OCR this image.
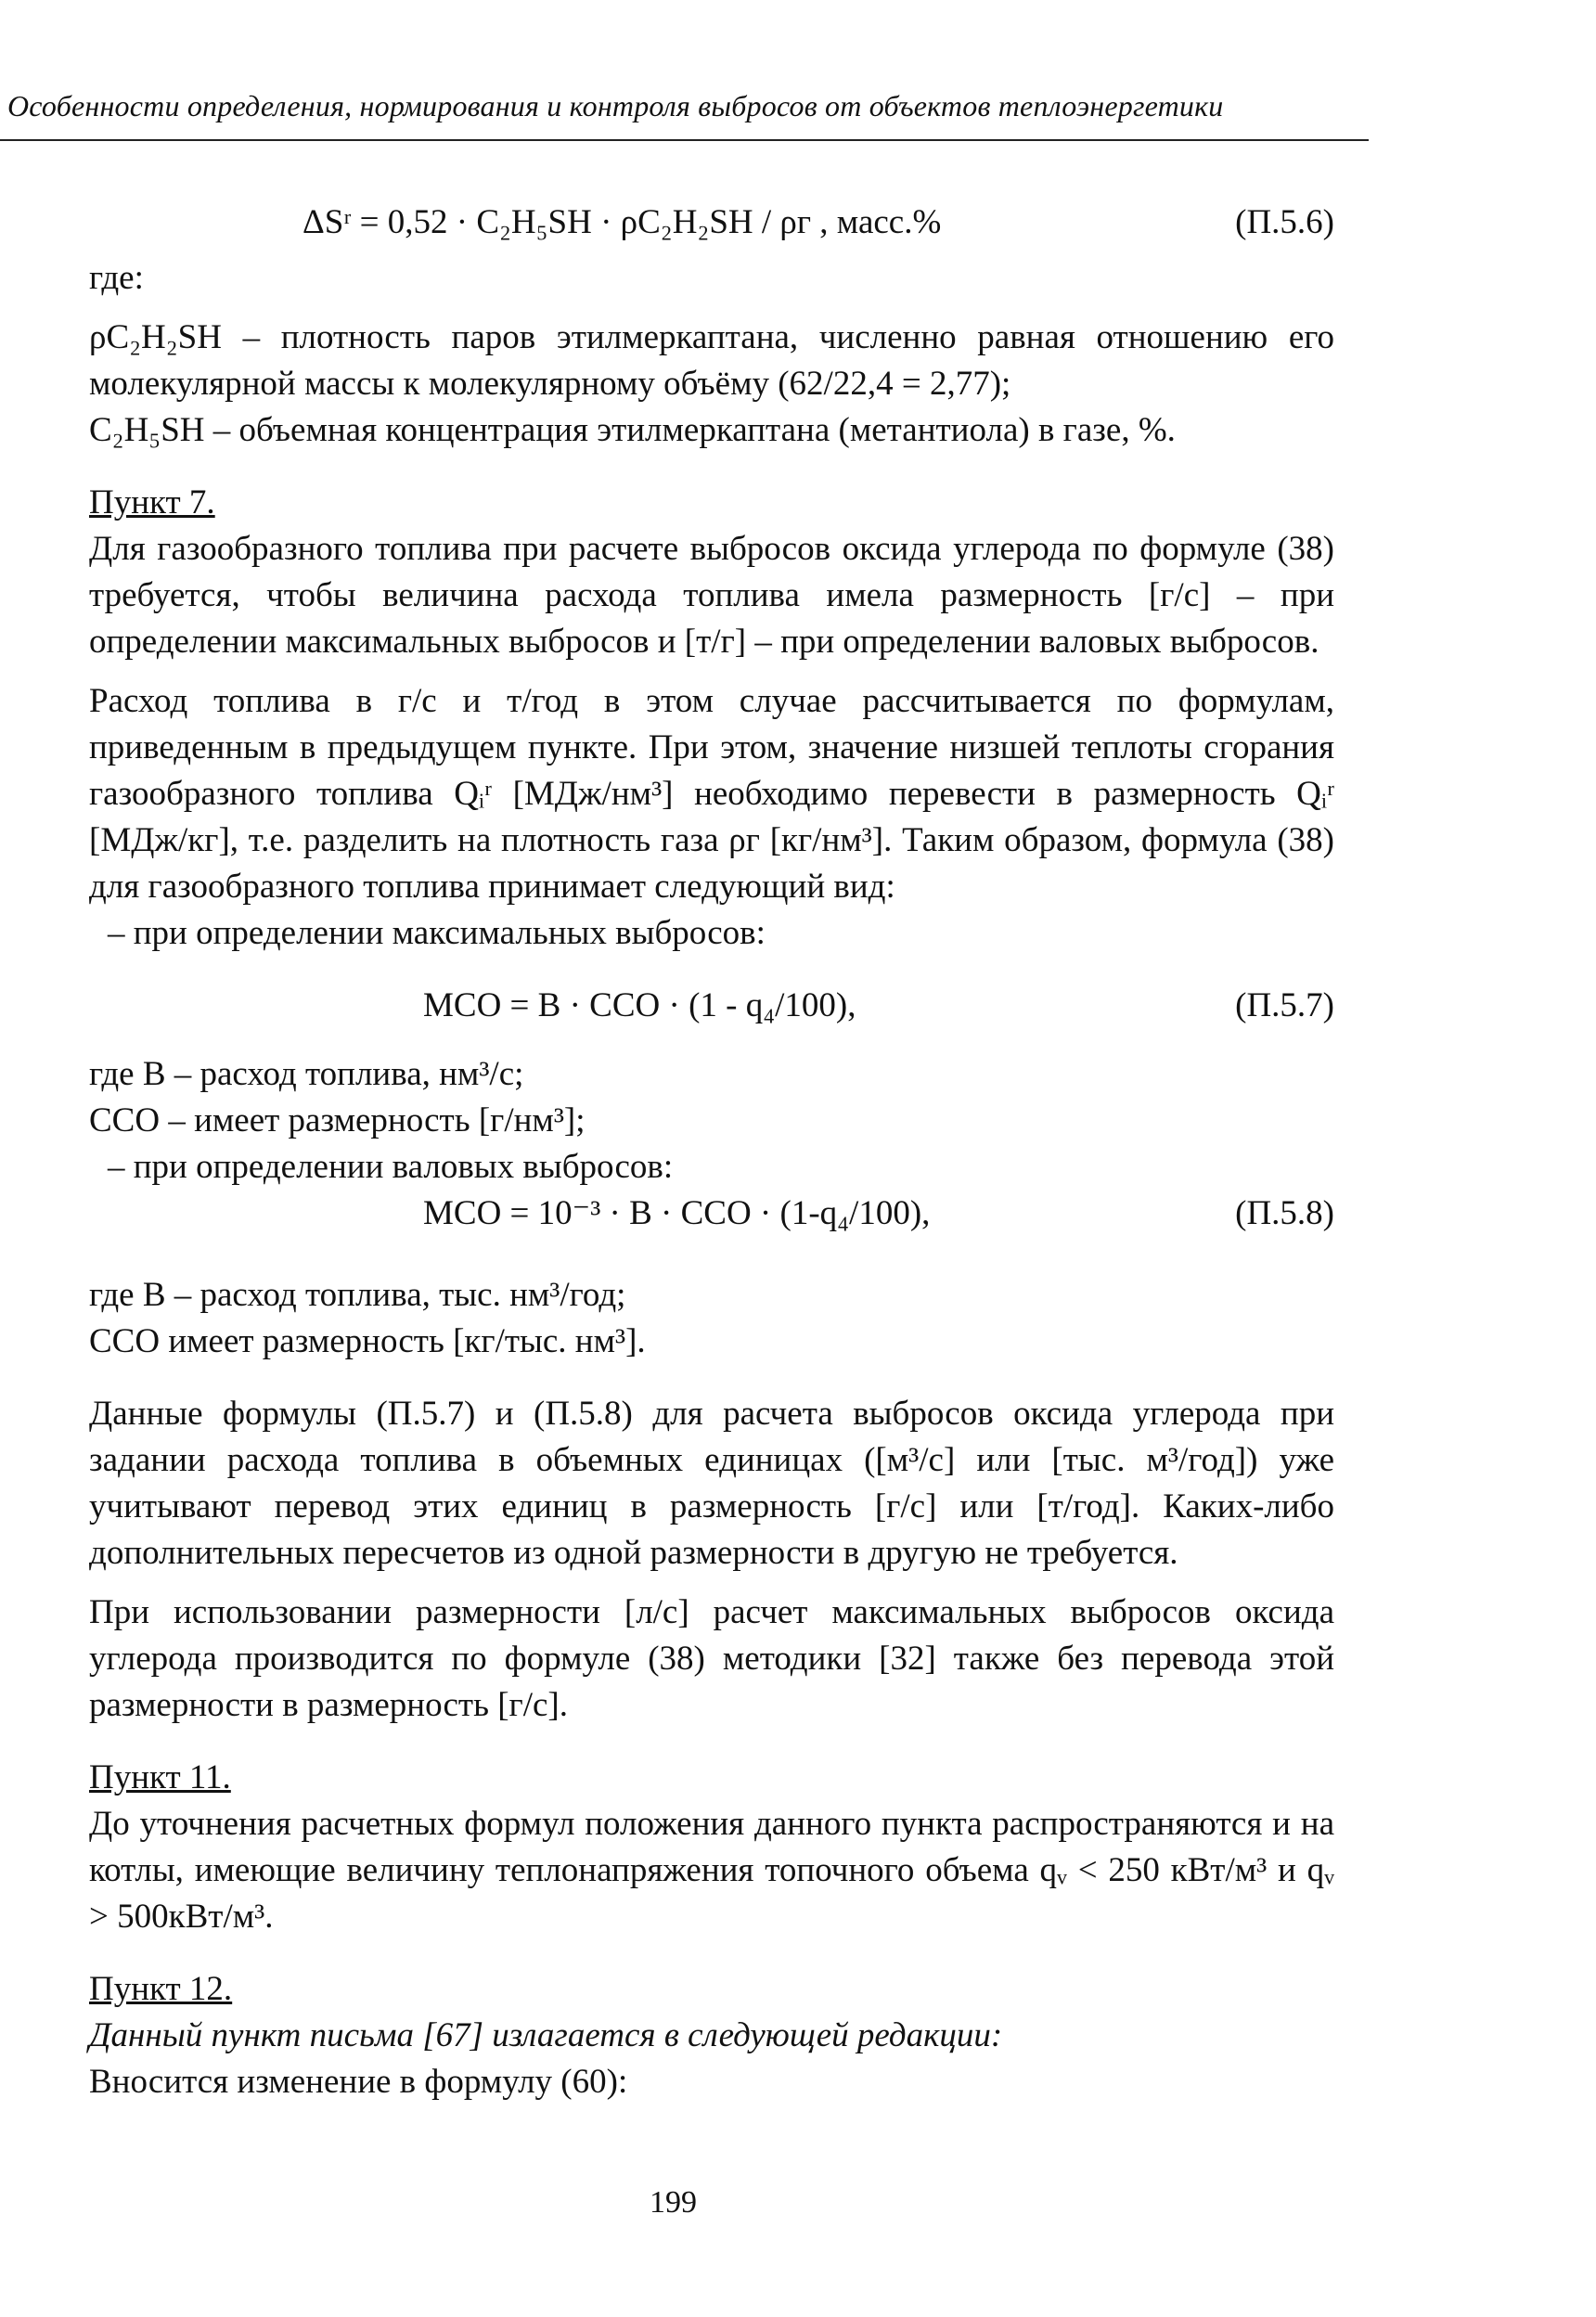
Особенности определения, нормирования и контроля выбросов от объектов теплоэнергетики
ΔSʳ = 0,52 · C₂H₅SH · ρC₂H₂SH / ρг , масс.%	(П.5.6)

где:

ρC₂H₂SH – плотность паров этилмеркаптана, численно равная отношению его молекулярной массы к молекулярному объёму (62/22,4 = 2,77);

C₂H₅SH – объемная концентрация этилмеркаптана (метантиола) в газе, %.

Пункт 7.

Для газообразного топлива при расчете выбросов оксида углерода по формуле (38) требуется, чтобы величина расхода топлива имела размерность [г/с] – при определении максимальных выбросов и [т/г] – при определении валовых выбросов.

Расход топлива в г/с и т/год в этом случае рассчитывается по формулам, приведенным в предыдущем пункте. При этом, значение низшей теплоты сгорания газообразного топлива Qᵢʳ [МДж/нм³] необходимо перевести в размерность Qᵢʳ [МДж/кг], т.е. разделить на плотность газа ρг [кг/нм³]. Таким образом, формула (38) для газообразного топлива принимает следующий вид:

– при определении максимальных выбросов:

MCO = B · CCO · (1 - q₄/100),	(П.5.7)

где B – расход топлива, нм³/с;

CCO – имеет размерность [г/нм³];

– при определении валовых выбросов:

MCO = 10⁻³ · B · CCO · (1-q₄/100),	(П.5.8)

где B – расход топлива, тыс. нм³/год;

CCO имеет размерность [кг/тыс. нм³].

Данные формулы (П.5.7) и (П.5.8) для расчета выбросов оксида углерода при задании расхода топлива в объемных единицах ([м³/с] или [тыс. м³/год]) уже учитывают перевод этих единиц в размерность [г/с] или [т/год]. Каких-либо дополнительных пересчетов из одной размерности в другую не требуется.

При использовании размерности [л/с] расчет максимальных выбросов оксида углерода производится по формуле (38) методики [32] также без перевода этой размерности в размерность [г/с].

Пункт 11.

До уточнения расчетных формул положения данного пункта распространяются и на котлы, имеющие величину теплонапряжения топочного объема qᵥ < 250 кВт/м³ и qᵥ > 500кВт/м³.

Пункт 12.

Данный пункт письма [67] излагается в следующей редакции:

Вносится изменение в формулу (60):

199
